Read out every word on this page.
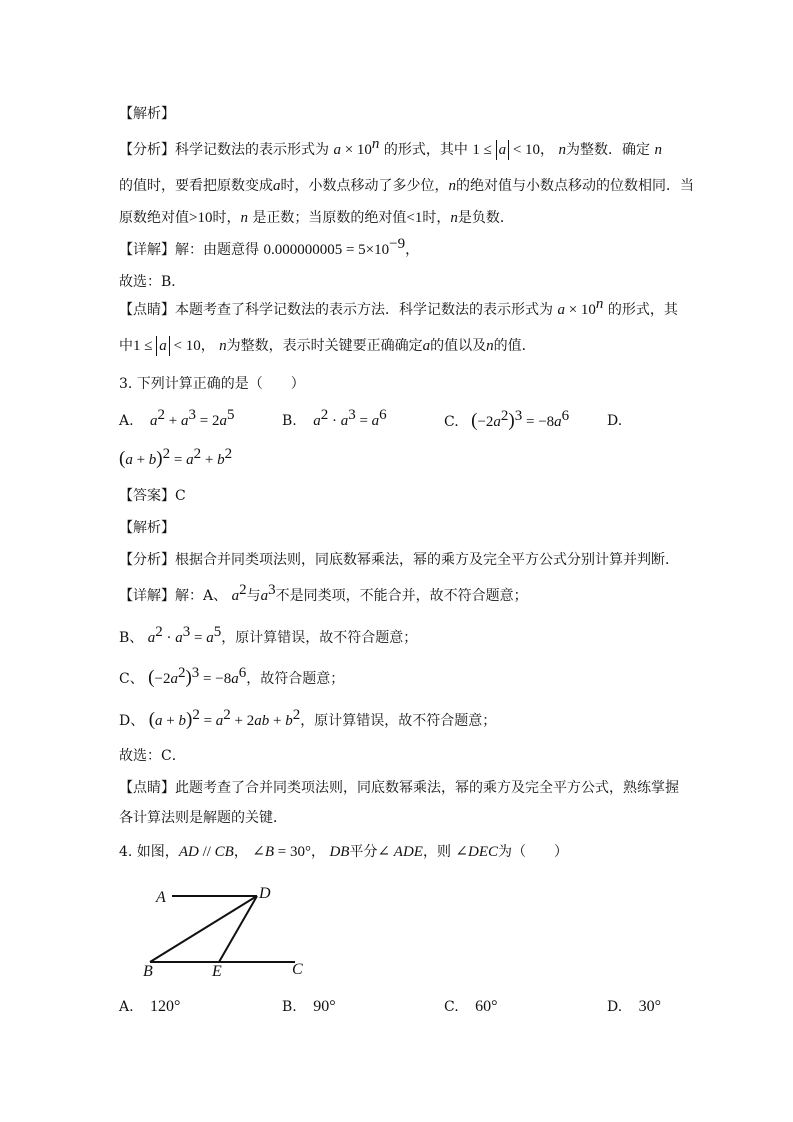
【解析】
【分析】科学记数法的表示形式为 $a \times 10^n$ 的形式，其中 1 ≤ a < 10， n为整数．确定 n
的值时，要看把原数变成a时，小数点移动了多少位，n的绝对值与小数点移动的位数相同．当
原数绝对值>10时，n 是正数；当原数的绝对值<1时，n是负数．
【详解】解：由题意得 $0.000000005 = 5\times 10^{-9}$，
故选：B．
【点睛】本题考查了科学记数法的表示方法．科学记数法的表示形式为 $a \times 10^n$ 的形式，其
中1 ≤ a < 10， n为整数，表示时关键要正确确定a的值以及n的值．
3. 下列计算正确的是（　　）
A. $a^2 + a^3 = 2a^5$	B. $a^2 \cdot a^3 = a^6$	C. $(-2a^2)^3 = -8a^6$	D.
$(a + b)^2 = a^2 + b^2$
【答案】C
【解析】
【分析】根据合并同类项法则，同底数幂乘法，幂的乘方及完全平方公式分别计算并判断．
【详解】解：A、 $a^2$与$a^3$不是同类项，不能合并，故不符合题意；
B、 $a^2 \cdot a^3 = a^5$，原计算错误，故不符合题意；
C、 $(-2a^2)^3 = -8a^6$，故符合题意；
D、 $(a + b)^2 = a^2 + 2ab + b^2$，原计算错误，故不符合题意；
故选：C．
【点睛】此题考查了合并同类项法则，同底数幂乘法，幂的乘方及完全平方公式，熟练掌握
各计算法则是解题的关键．
4. 如图，AD // CB， ∠B = 30°， DB平分∠ ADE，则 ∠DEC为（　　）
A	D
B	E	C
A. 120°	B. 90°	C. 60°	D. 30°
